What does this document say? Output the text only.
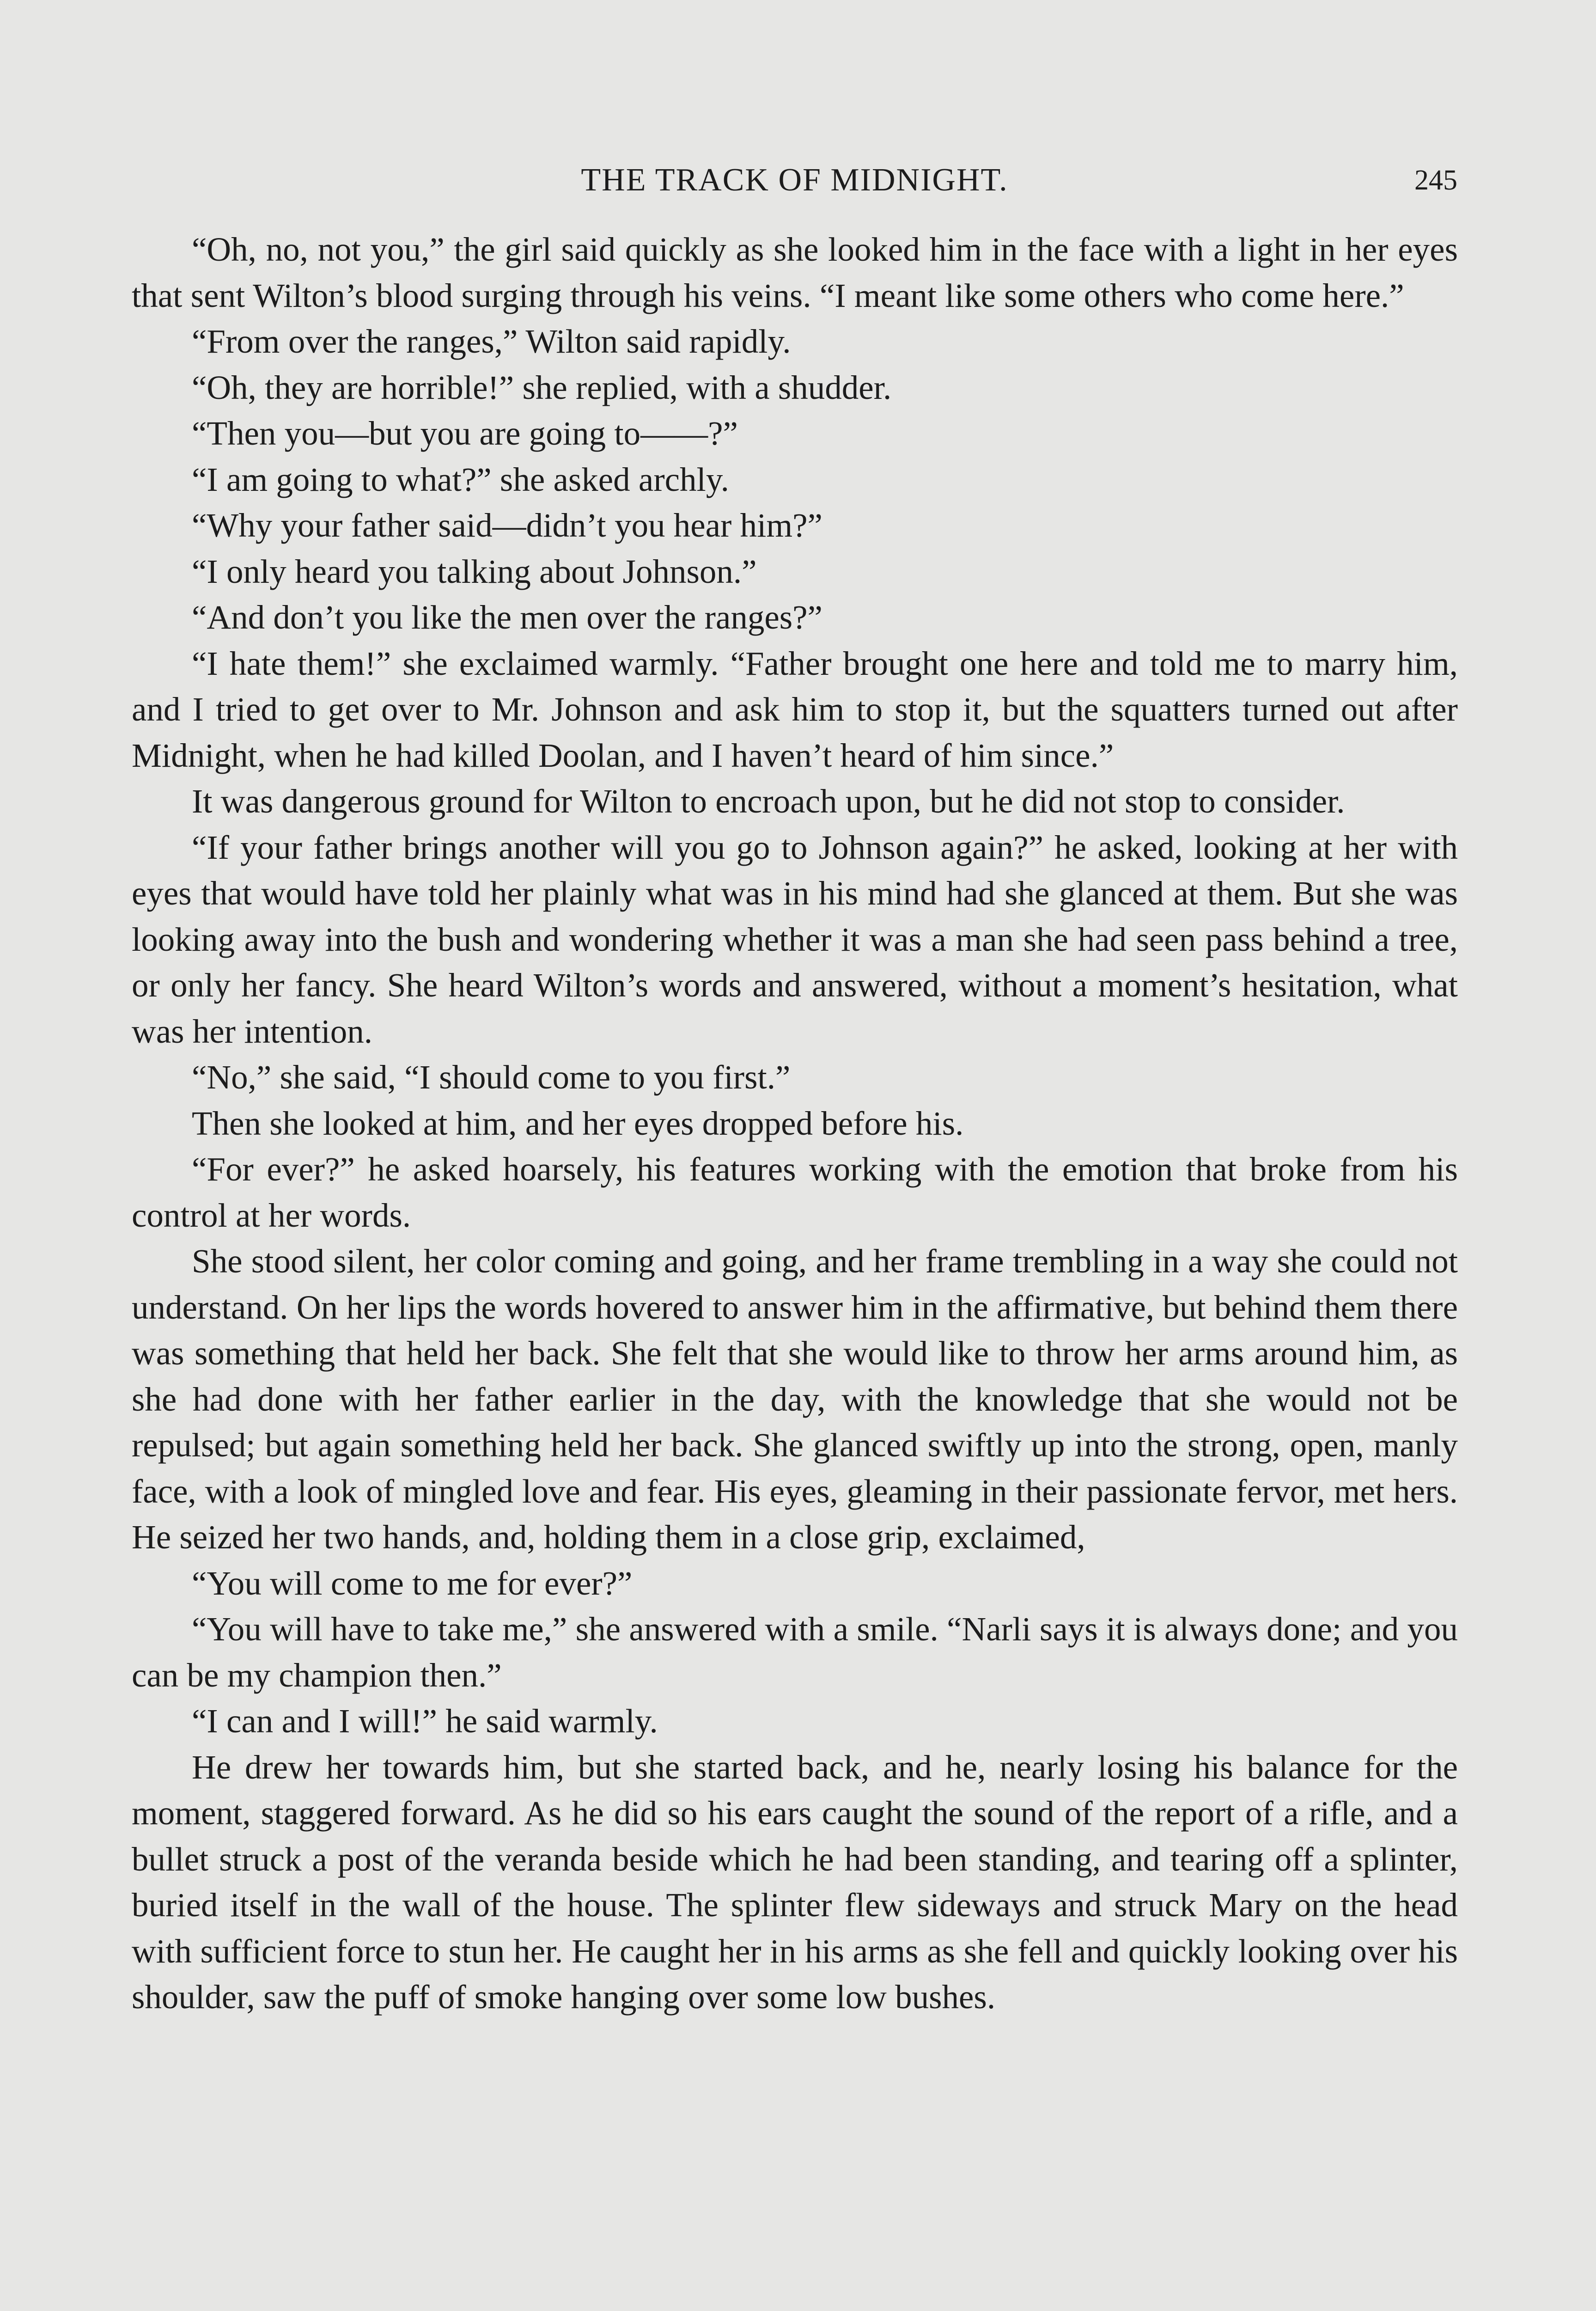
THE TRACK OF MIDNIGHT.	245

“Oh, no, not you,” the girl said quickly as she looked him in the face with a light in her eyes that sent Wilton’s blood surging through his veins. “I meant like some others who come here.”

“From over the ranges,” Wilton said rapidly.

“Oh, they are horrible!” she replied, with a shudder.

“Then you—but you are going to——?”

“I am going to what?” she asked archly.

“Why your father said—didn’t you hear him?”

“I only heard you talking about Johnson.”

“And don’t you like the men over the ranges?”

“I hate them!” she exclaimed warmly. “Father brought one here and told me to marry him, and I tried to get over to Mr. Johnson and ask him to stop it, but the squatters turned out after Midnight, when he had killed Doolan, and I haven’t heard of him since.”

It was dangerous ground for Wilton to encroach upon, but he did not stop to consider.

“If your father brings another will you go to Johnson again?” he asked, looking at her with eyes that would have told her plainly what was in his mind had she glanced at them. But she was looking away into the bush and wondering whether it was a man she had seen pass behind a tree, or only her fancy. She heard Wilton’s words and answered, without a moment’s hesitation, what was her intention.

“No,” she said, “I should come to you first.”

Then she looked at him, and her eyes dropped before his.

“For ever?” he asked hoarsely, his features working with the emotion that broke from his control at her words.

She stood silent, her color coming and going, and her frame trembling in a way she could not understand. On her lips the words hovered to answer him in the affirmative, but behind them there was something that held her back. She felt that she would like to throw her arms around him, as she had done with her father earlier in the day, with the knowledge that she would not be repulsed; but again something held her back. She glanced swiftly up into the strong, open, manly face, with a look of mingled love and fear. His eyes, gleaming in their passionate fervor, met hers. He seized her two hands, and, holding them in a close grip, exclaimed,

“You will come to me for ever?”

“You will have to take me,” she answered with a smile. “Narli says it is always done; and you can be my champion then.”

“I can and I will!” he said warmly.

He drew her towards him, but she started back, and he, nearly losing his balance for the moment, staggered forward. As he did so his ears caught the sound of the report of a rifle, and a bullet struck a post of the veranda beside which he had been standing, and tearing off a splinter, buried itself in the wall of the house. The splinter flew sideways and struck Mary on the head with sufficient force to stun her. He caught her in his arms as she fell and quickly looking over his shoulder, saw the puff of smoke hanging over some low bushes.
